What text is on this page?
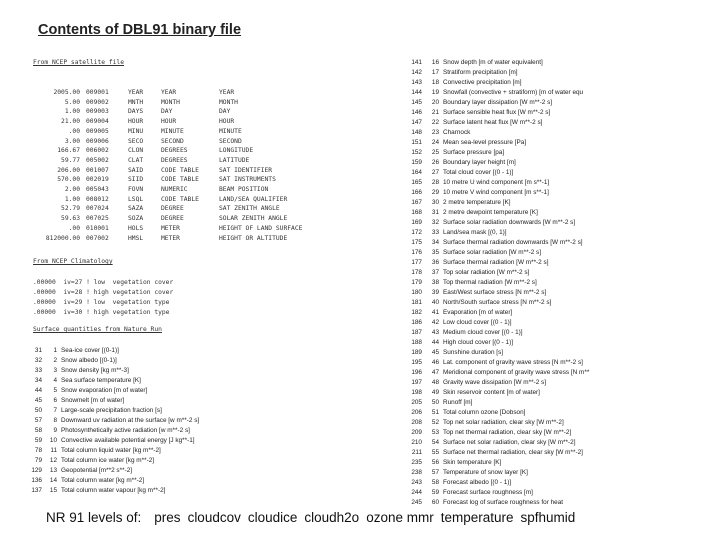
Contents of DBL91 binary file
From NCEP satellite file
2005.00	009001	YEAR	YEAR	YEAR
5.00	009002	MNTH	MONTH	MONTH
1.00	009003	DAYS	DAY	DAY
21.00	009004	HOUR	HOUR	HOUR
.00	009005	MINU	MINUTE	MINUTE
3.00	009006	SECO	SECOND	SECOND
166.67	006002	CLON	DEGREES	LONGITUDE
59.77	005002	CLAT	DEGREES	LATITUDE
206.00	001007	SAID	CODE TABLE	SAT IDENTIFIER
570.00	002019	SIID	CODE TABLE	SAT INSTRUMENTS
2.00	005043	FOVN	NUMERIC	BEAM POSITION
1.00	008012	LSQL	CODE TABLE	LAND/SEA QUALIFIER
52.79	007024	SAZA	DEGREE	SAT ZENITH ANGLE
59.63	007025	SOZA	DEGREE	SOLAR ZENITH ANGLE
.00	010001	HOLS	METER	HEIGHT OF LAND SURFACE
812000.00	007002	HMSL	METER	HEIGHT OR ALTITUDE
From NCEP Climatology
.00000  iv=27 ! low  vegetation cover
.00000  iv=28 ! high vegetation cover
.00000  iv=29 ! low  vegetation type
.00000  iv=30 ! high vegetation type
Surface quantities from Nature Run
31 1 Sea-ice cover [(0-1)]
32 2 Snow albedo [(0-1)]
33 3 Snow density [kg m**-3]
34 4 Sea surface temperature [K]
44 5 Snow evaporation [m of water]
45 6 Snowmelt [m of water]
50 7 Large-scale precipitation fraction [s]
57 8 Downward uv radiation at the surface [w m**-2 s]
58 9 Photosynthetically active radiation [w m**-2 s]
59 10 Convective available potential energy [J kg**-1]
78 11 Total column liquid water [kg m**-2]
79 12 Total column ice water [kg m**-2]
129 13 Geopotential [m**2 s**-2]
136 14 Total column water [kg m**-2]
137 15 Total column water vapour [kg m**-2]
141 16 Snow depth [m of water equivalent]
142 17 Stratiform precipitation [m]
143 18 Convective precipitation [m]
144 19 Snowfall (convective + stratiform) [m of water equ
145 20 Boundary layer dissipation [W m**-2 s]
146 21 Surface sensible heat flux [W m**-2 s]
147 22 Surface latent heat flux [W m**-2 s]
148 23 Charnock
151 24 Mean sea-level pressure [Pa]
152 25 Surface pressure [pa]
159 26 Boundary layer height [m]
164 27 Total cloud cover [(0 - 1)]
165 28 10 metre U wind component [m s**-1]
166 29 10 metre V wind component [m s**-1]
167 30 2 metre temperature [K]
168 31 2 metre dewpoint temperature [K]
169 32 Surface solar radiation downwards [W m**-2 s]
172 33 Land/sea mask [(0, 1)]
175 34 Surface thermal radiation downwards [W m**-2 s]
176 35 Surface solar radiation [W m**-2 s]
177 36 Surface thermal radiation [W m**-2 s]
178 37 Top solar radiation [W m**-2 s]
179 38 Top thermal radiation [W m**-2 s]
180 39 East/West surface stress [N m**-2 s]
181 40 North/South surface stress [N m**-2 s]
182 41 Evaporation [m of water]
186 42 Low cloud cover [(0 - 1)]
187 43 Medium cloud cover [(0 - 1)]
188 44 High cloud cover [(0 - 1)]
189 45 Sunshine duration [s]
195 46 Lat. component of gravity wave stress [N m**-2 s]
196 47 Meridional component of gravity wave stress [N m**
197 48 Gravity wave dissipation [W m**-2 s]
198 49 Skin reservoir content [m of water]
205 50 Runoff [m]
206 51 Total column ozone [Dobson]
208 52 Top net solar radiation, clear sky [W m**-2]
209 53 Top net thermal radiation, clear sky [W m**-2]
210 54 Surface net solar radiation, clear sky [W m**-2]
211 55 Surface net thermal radiation, clear sky [W m**-2]
235 56 Skin temperature [K]
238 57 Temperature of snow layer [K]
243 58 Forecast albedo [(0 - 1)]
244 59 Forecast surface roughness [m]
245 60 Forecast log of surface roughness for heat
NR 91 levels of: pres cloudcov cloudice cloudh2o ozone mmr temperature spfhumid
